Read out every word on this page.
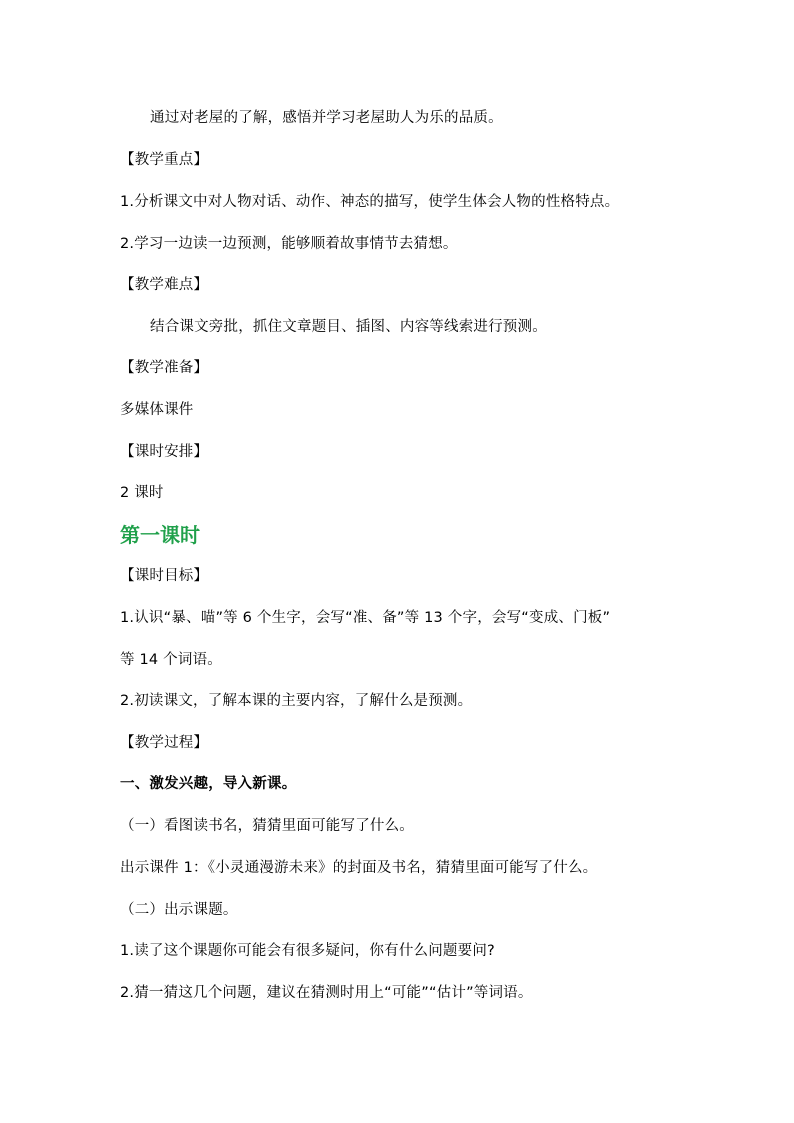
通过对老屋的了解，感悟并学习老屋助人为乐的品质。
【教学重点】
1.分析课文中对人物对话、动作、神态的描写，使学生体会人物的性格特点。
2.学习一边读一边预测，能够顺着故事情节去猜想。
【教学难点】
结合课文旁批，抓住文章题目、插图、内容等线索进行预测。
【教学准备】
多媒体课件
【课时安排】
2 课时
第一课时
【课时目标】
1.认识“暴、喵”等 6 个生字，会写“准、备”等 13 个字，会写“变成、门板”
等 14 个词语。
2.初读课文，了解本课的主要内容，了解什么是预测。
【教学过程】
一、激发兴趣，导入新课。
（一）看图读书名，猜猜里面可能写了什么。
出示课件 1：《小灵通漫游未来》的封面及书名，猜猜里面可能写了什么。
（二）出示课题。
1.读了这个课题你可能会有很多疑问，你有什么问题要问?
2.猜一猜这几个问题，建议在猜测时用上“可能”“估计”等词语。
